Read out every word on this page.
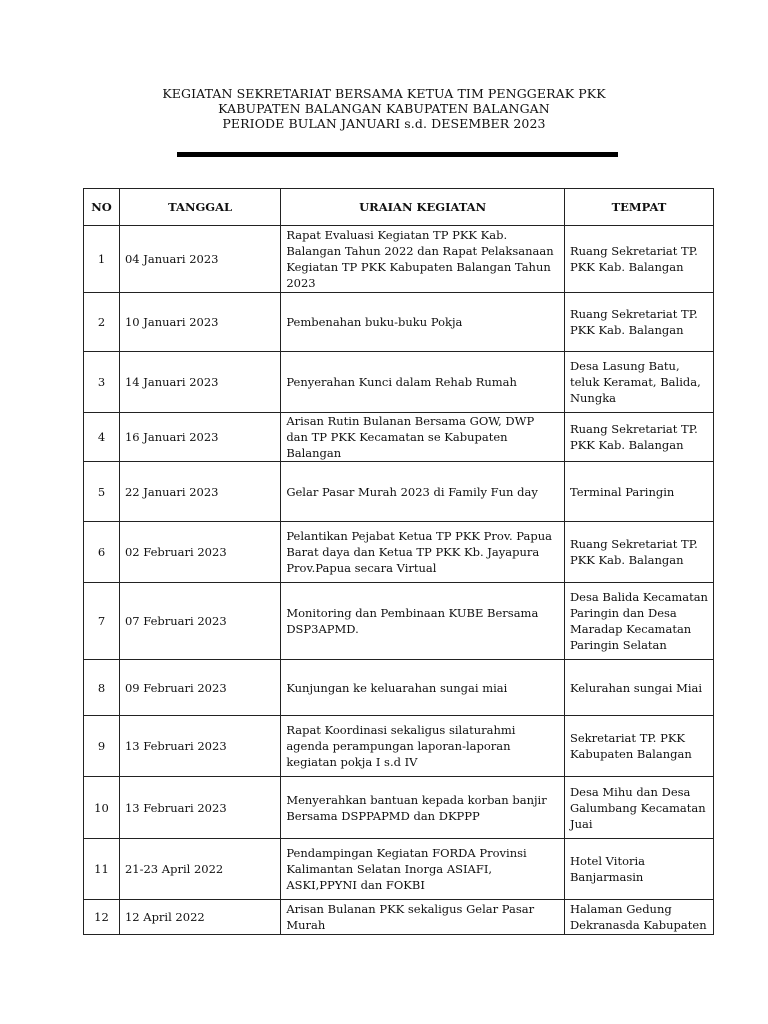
KEGIATAN SEKRETARIAT BERSAMA KETUA TIM PENGGERAK PKK
KABUPATEN BALANGAN KABUPATEN BALANGAN
PERIODE BULAN JANUARI s.d. DESEMBER 2023
NO	TANGGAL	URAIAN KEGIATAN	TEMPAT
1	04 Januari 2023	Rapat Evaluasi Kegiatan TP PKK Kab. Balangan Tahun 2022 dan Rapat Pelaksanaan Kegiatan TP PKK Kabupaten Balangan Tahun 2023	Ruang Sekretariat TP. PKK Kab. Balangan
2	10 Januari 2023	Pembenahan buku-buku Pokja	Ruang Sekretariat TP. PKK Kab. Balangan
3	14 Januari 2023	Penyerahan Kunci dalam Rehab Rumah	Desa Lasung Batu, teluk Keramat, Balida, Nungka
4	16 Januari 2023	Arisan Rutin Bulanan Bersama GOW, DWP dan TP PKK Kecamatan se Kabupaten Balangan	Ruang Sekretariat TP. PKK Kab. Balangan
5	22 Januari 2023	Gelar Pasar Murah 2023 di Family Fun day	Terminal Paringin
6	02 Februari 2023	Pelantikan Pejabat Ketua TP PKK Prov. Papua Barat daya dan Ketua TP PKK Kb. Jayapura Prov.Papua secara Virtual	Ruang Sekretariat TP. PKK Kab. Balangan
7	07 Februari 2023	Monitoring dan Pembinaan KUBE Bersama DSP3APMD.	Desa Balida Kecamatan Paringin dan Desa Maradap Kecamatan Paringin Selatan
8	09 Februari 2023	Kunjungan ke keluarahan sungai miai	Kelurahan sungai Miai
9	13 Februari 2023	Rapat Koordinasi sekaligus silaturahmi agenda perampungan laporan-laporan kegiatan pokja I s.d IV	Sekretariat TP. PKK Kabupaten Balangan
10	13 Februari 2023	Menyerahkan bantuan kepada korban banjir Bersama DSPPAPMD dan DKPPP	Desa Mihu dan Desa Galumbang Kecamatan Juai
11	21-23 April 2022	Pendampingan Kegiatan FORDA Provinsi Kalimantan Selatan Inorga ASIAFI, ASKI,PPYNI dan FOKBI	Hotel Vitoria Banjarmasin
12	12 April 2022	Arisan Bulanan PKK sekaligus Gelar Pasar Murah	Halaman Gedung Dekranasda Kabupaten
